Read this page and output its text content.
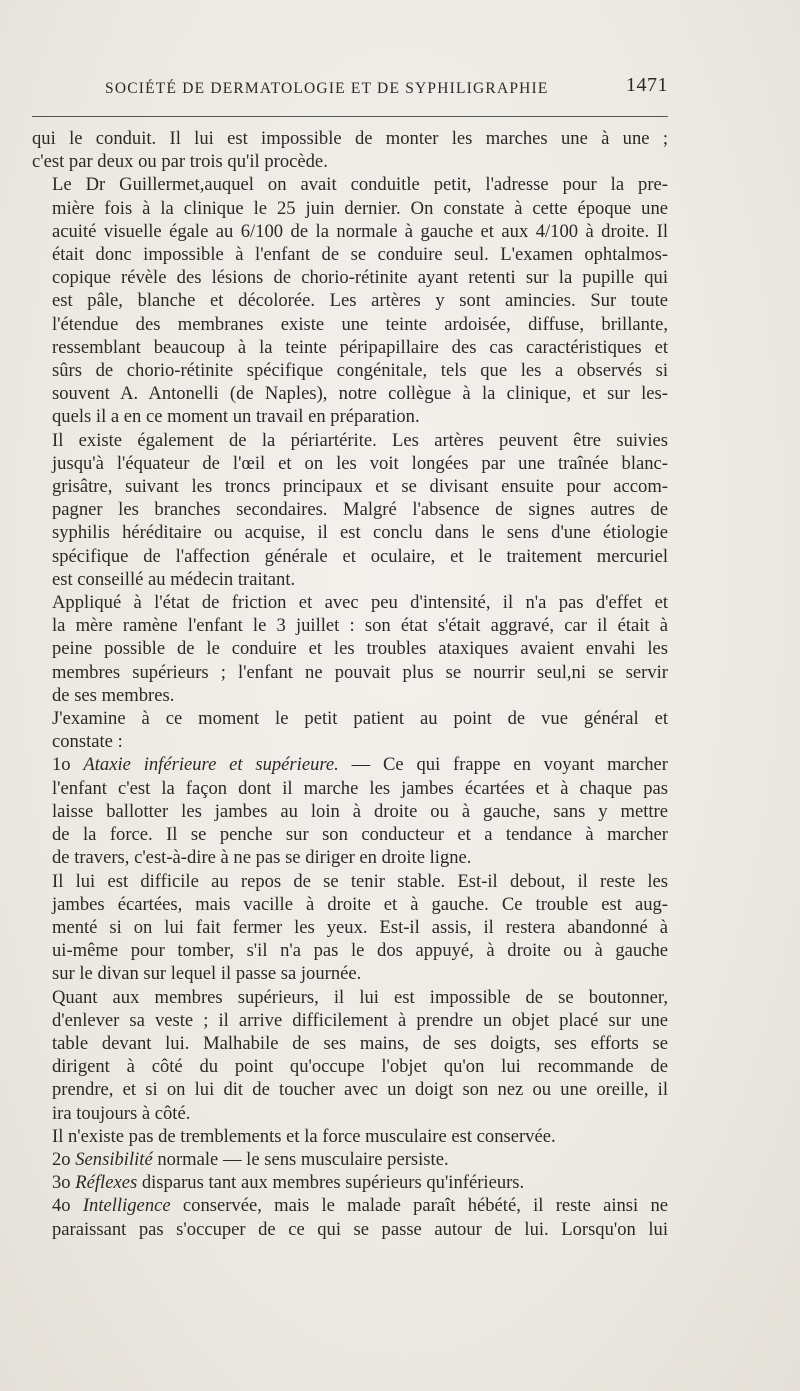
SOCIÉTÉ DE DERMATOLOGIE ET DE SYPHILIGRAPHIE	1471

qui le conduit. Il lui est impossible de monter les marches une à une ;
c'est par deux ou par trois qu'il procède.

Le Dr Guillermet,auquel on avait conduitle petit, l'adresse pour la pre-
mière fois à la clinique le 25 juin dernier. On constate à cette époque une
acuité visuelle égale au 6/100 de la normale à gauche et aux 4/100 à droite. Il
était donc impossible à l'enfant de se conduire seul. L'examen ophtalmos-
copique révèle des lésions de chorio-rétinite ayant retenti sur la pupille qui
est pâle, blanche et décolorée. Les artères y sont amincies. Sur toute
l'étendue des membranes existe une teinte ardoisée, diffuse, brillante,
ressemblant beaucoup à la teinte péripapillaire des cas caractéristiques et
sûrs de chorio-rétinite spécifique congénitale, tels que les a observés si
souvent A. Antonelli (de Naples), notre collègue à la clinique, et sur les-
quels il a en ce moment un travail en préparation.

Il existe également de la périartérite. Les artères peuvent être suivies
jusqu'à l'équateur de l'œil et on les voit longées par une traînée blanc-
grisâtre, suivant les troncs principaux et se divisant ensuite pour accom-
pagner les branches secondaires. Malgré l'absence de signes autres de
syphilis héréditaire ou acquise, il est conclu dans le sens d'une étiologie
spécifique de l'affection générale et oculaire, et le traitement mercuriel
est conseillé au médecin traitant.

Appliqué à l'état de friction et avec peu d'intensité, il n'a pas d'effet et
la mère ramène l'enfant le 3 juillet : son état s'était aggravé, car il était à
peine possible de le conduire et les troubles ataxiques avaient envahi les
membres supérieurs ; l'enfant ne pouvait plus se nourrir seul,ni se servir
de ses membres.

J'examine à ce moment le petit patient au point de vue général et
constate :

1o Ataxie inférieure et supérieure. — Ce qui frappe en voyant marcher
l'enfant c'est la façon dont il marche les jambes écartées et à chaque pas
laisse ballotter les jambes au loin à droite ou à gauche, sans y mettre
de la force. Il se penche sur son conducteur et a tendance à marcher
de travers, c'est-à-dire à ne pas se diriger en droite ligne.

Il lui est difficile au repos de se tenir stable. Est-il debout, il reste les
jambes écartées, mais vacille à droite et à gauche. Ce trouble est aug-
menté si on lui fait fermer les yeux. Est-il assis, il restera abandonné à
ui-même pour tomber, s'il n'a pas le dos appuyé, à droite ou à gauche
sur le divan sur lequel il passe sa journée.

Quant aux membres supérieurs, il lui est impossible de se boutonner,
d'enlever sa veste ; il arrive difficilement à prendre un objet placé sur une
table devant lui. Malhabile de ses mains, de ses doigts, ses efforts se
dirigent à côté du point qu'occupe l'objet qu'on lui recommande de
prendre, et si on lui dit de toucher avec un doigt son nez ou une oreille, il
ira toujours à côté.

Il n'existe pas de tremblements et la force musculaire est conservée.

2o Sensibilité normale — le sens musculaire persiste.

3o Réflexes disparus tant aux membres supérieurs qu'inférieurs.

4o Intelligence conservée, mais le malade paraît hébété, il reste ainsi ne
paraissant pas s'occuper de ce qui se passe autour de lui. Lorsqu'on lui
